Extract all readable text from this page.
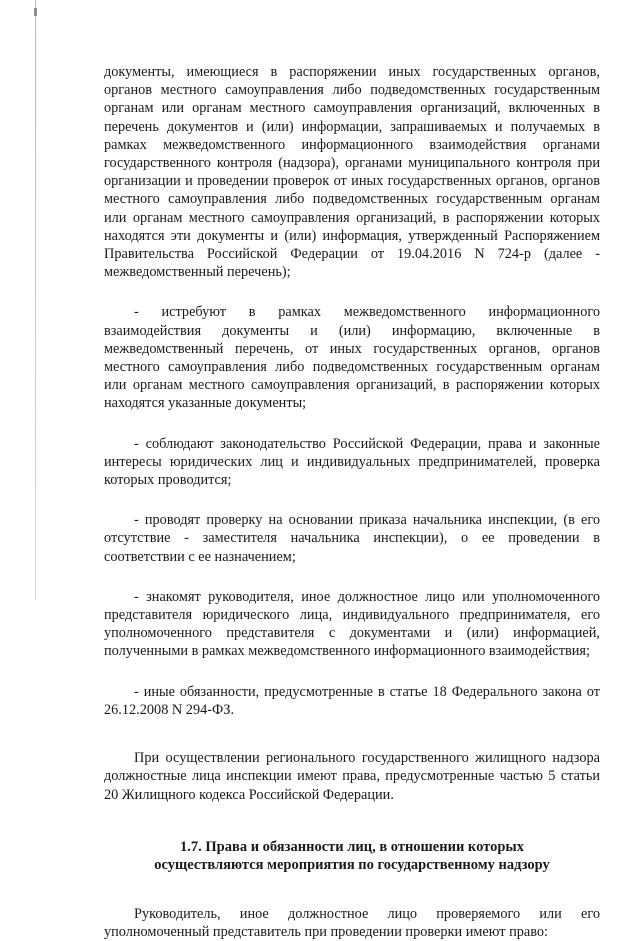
документы, имеющиеся в распоряжении иных государственных органов, органов местного самоуправления либо подведомственных государственным органам или органам местного самоуправления организаций, включенных в перечень документов и (или) информации, запрашиваемых и получаемых в рамках межведомственного информационного взаимодействия органами государственного контроля (надзора), органами муниципального контроля при организации и проведении проверок от иных государственных органов, органов местного самоуправления либо подведомственных государственным органам или органам местного самоуправления организаций, в распоряжении которых находятся эти документы и (или) информация, утвержденный Распоряжением Правительства Российской Федерации от 19.04.2016 N 724-р (далее - межведомственный перечень);

- истребуют в рамках межведомственного информационного взаимодействия документы и (или) информацию, включенные в межведомственный перечень, от иных государственных органов, органов местного самоуправления либо подведомственных государственным органам или органам местного самоуправления организаций, в распоряжении которых находятся указанные документы;

- соблюдают законодательство Российской Федерации, права и законные интересы юридических лиц и индивидуальных предпринимателей, проверка которых проводится;

- проводят проверку на основании приказа начальника инспекции, (в его отсутствие - заместителя начальника инспекции), о ее проведении в соответствии с ее назначением;

- знакомят руководителя, иное должностное лицо или уполномоченного представителя юридического лица, индивидуального предпринимателя, его уполномоченного представителя с документами и (или) информацией, полученными в рамках межведомственного информационного взаимодействия;

- иные обязанности, предусмотренные в статье 18 Федерального закона от 26.12.2008 N 294-ФЗ.

При осуществлении регионального государственного жилищного надзора должностные лица инспекции имеют права, предусмотренные частью 5 статьи 20 Жилищного кодекса Российской Федерации.

1.7. Права и обязанности лиц, в отношении которых
осуществляются мероприятия по государственному надзору

Руководитель, иное должностное лицо проверяемого или его уполномоченный представитель при проведении проверки имеют право:
